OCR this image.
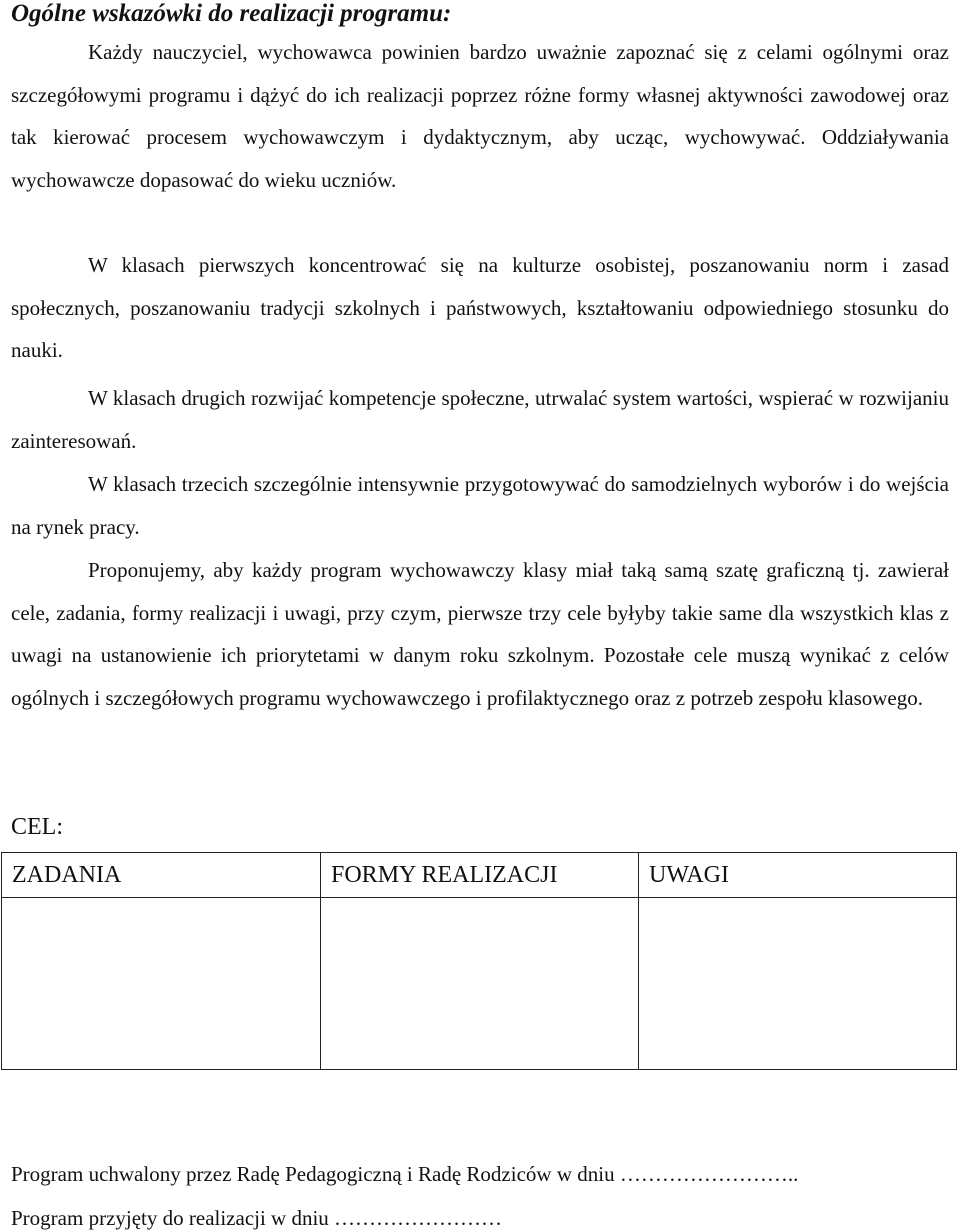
Ogólne wskazówki do realizacji programu:

Każdy nauczyciel, wychowawca powinien bardzo uważnie zapoznać się z celami ogólnymi oraz szczegółowymi programu i dążyć do ich realizacji poprzez różne formy własnej aktywności zawodowej oraz tak kierować procesem wychowawczym i dydaktycznym, aby ucząc, wychowywać. Oddziaływania wychowawcze dopasować do wieku uczniów.

W klasach pierwszych koncentrować się na kulturze osobistej, poszanowaniu norm i zasad społecznych, poszanowaniu tradycji szkolnych i państwowych, kształtowaniu odpowiedniego stosunku do nauki.

W klasach drugich rozwijać kompetencje społeczne, utrwalać system wartości, wspierać w rozwijaniu zainteresowań.

W klasach trzecich szczególnie intensywnie przygotowywać do samodzielnych wyborów i do wejścia na rynek pracy.

Proponujemy, aby każdy program wychowawczy klasy miał taką samą szatę graficzną tj. zawierał cele, zadania, formy realizacji i uwagi, przy czym, pierwsze trzy cele byłyby takie same dla wszystkich klas z uwagi na ustanowienie ich priorytetami w danym roku szkolnym. Pozostałe cele muszą wynikać z celów ogólnych i szczegółowych programu wychowawczego i profilaktycznego oraz z potrzeb zespołu klasowego.

CEL:
ZADANIA	FORMY REALIZACJI	UWAGI

Program uchwalony przez Radę Pedagogiczną i Radę Rodziców w dniu ……………………..
Program przyjęty do realizacji w dniu ……………………
